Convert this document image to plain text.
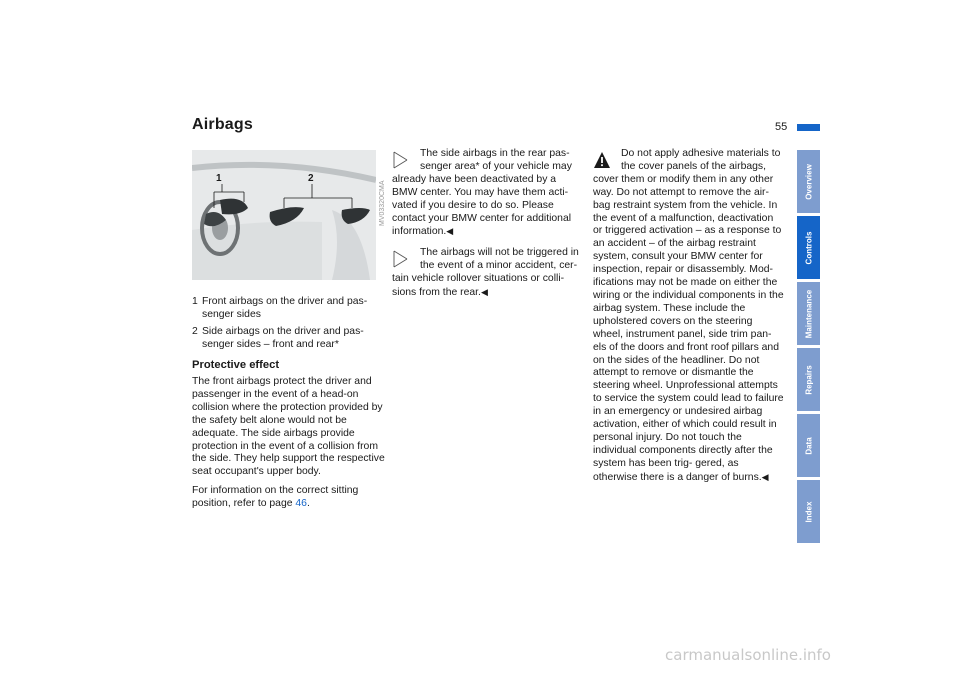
Airbags	55
1	2
MV03320CMA
1 Front airbags on the driver and pas- senger sides
2 Side airbags on the driver and pas- senger sides – front and rear*
Protective effect

The front airbags protect the driver and passenger in the event of a head-on collision where the protection provided by the safety belt alone would not be adequate. The side airbags provide protection in the event of a collision from the side. They help support the respective seat occupant's upper body.

For information on the correct sitting position, refer to page 46.

The side airbags in the rear pas- senger area* of your vehicle may
already have been deactivated by a BMW center. You may have them acti- vated if you desire to do so. Please contact your BMW center for additional information.◀
The airbags will not be triggered in the event of a minor accident, cer-
tain vehicle rollover situations or colli- sions from the rear.◀
Do not apply adhesive materials to the cover panels of the airbags,
cover them or modify them in any other way. Do not attempt to remove the air- bag restraint system from the vehicle. In the event of a malfunction, deactivation or triggered activation – as a response to an accident – of the airbag restraint system, consult your BMW center for inspection, repair or disassembly. Mod- ifications may not be made on either the wiring or the individual components in the airbag system. These include the upholstered covers on the steering wheel, instrument panel, side trim pan- els of the doors and front roof pillars and on the sides of the headliner. Do not attempt to remove or dismantle the steering wheel. Unprofessional attempts to service the system could lead to failure in an emergency or undesired airbag activation, either of which could result in personal injury. Do not touch the individual components directly after the system has been trig- gered, as otherwise there is a danger of burns.◀
Overview
Controls
Maintenance
Repairs
Data
Index
carmanualsonline.info
